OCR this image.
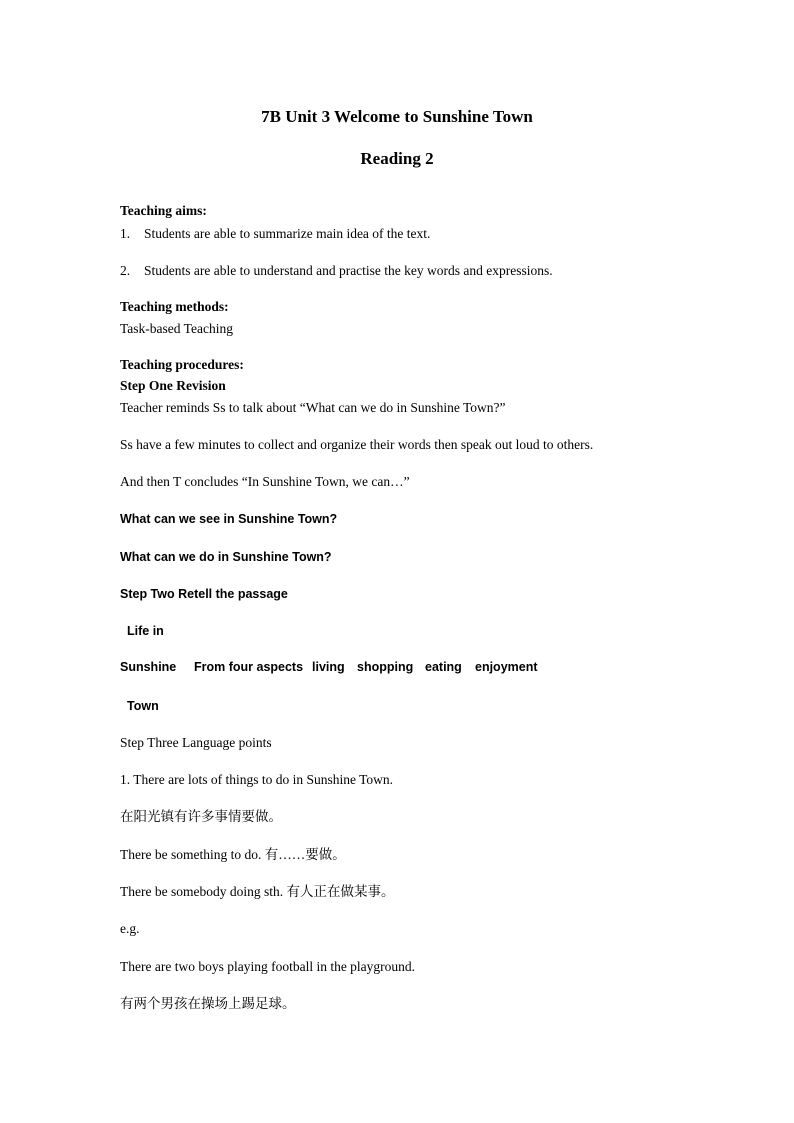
7B Unit 3 Welcome to Sunshine Town
Reading 2
Teaching aims:
1. Students are able to summarize main idea of the text.
2. Students are able to understand and practise the key words and expressions.
Teaching methods:
Task-based Teaching
Teaching procedures:
Step One Revision
Teacher reminds Ss to talk about “What can we do in Sunshine Town?”
Ss have a few minutes to collect and organize their words then speak out loud to others.
And then T concludes “In Sunshine Town, we can…”
What can we see in Sunshine Town?
What can we do in Sunshine Town?
Step Two Retell the passage
Life in
Sunshine From four aspects living shopping eating enjoyment
Town
Step Three Language points
1. There are lots of things to do in Sunshine Town.
在阳光镇有许多事情要做。
There be something to do. 有……要做。
There be somebody doing sth. 有人正在做某事。
e.g.
There are two boys playing football in the playground.
有两个男孩在操场上踢足球。
